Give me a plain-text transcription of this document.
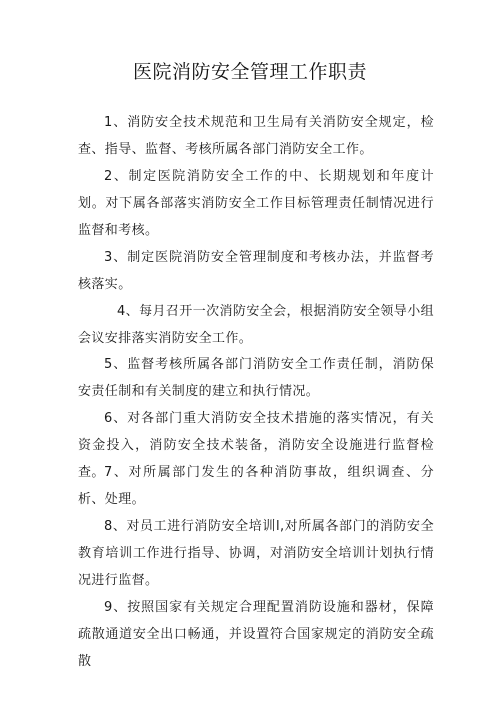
医院消防安全管理工作职责
1、消防安全技术规范和卫生局有关消防安全规定，检查、指导、监督、考核所属各部门消防安全工作。
2、制定医院消防安全工作的中、长期规划和年度计划。对下属各部落实消防安全工作目标管理责任制情况进行监督和考核。
3、制定医院消防安全管理制度和考核办法，并监督考核落实。
4、每月召开一次消防安全会，根据消防安全领导小组会议安排落实消防安全工作。
5、监督考核所属各部门消防安全工作责任制，消防保安责任制和有关制度的建立和执行情况。
6、对各部门重大消防安全技术措施的落实情况，有关资金投入，消防安全技术装备，消防安全设施进行监督检查。 7、对所属部门发生的各种消防事故，组织调查、分析、处理。
8、对员工进行消防安全培训l,对所属各部门的消防安全教育培训工作进行指导、协调，对消防安全培训计划执行情况进行监督。
9、按照国家有关规定合理配置消防设施和器材，保障疏散通道安全出口畅通，并设置符合国家规定的消防安全疏散
